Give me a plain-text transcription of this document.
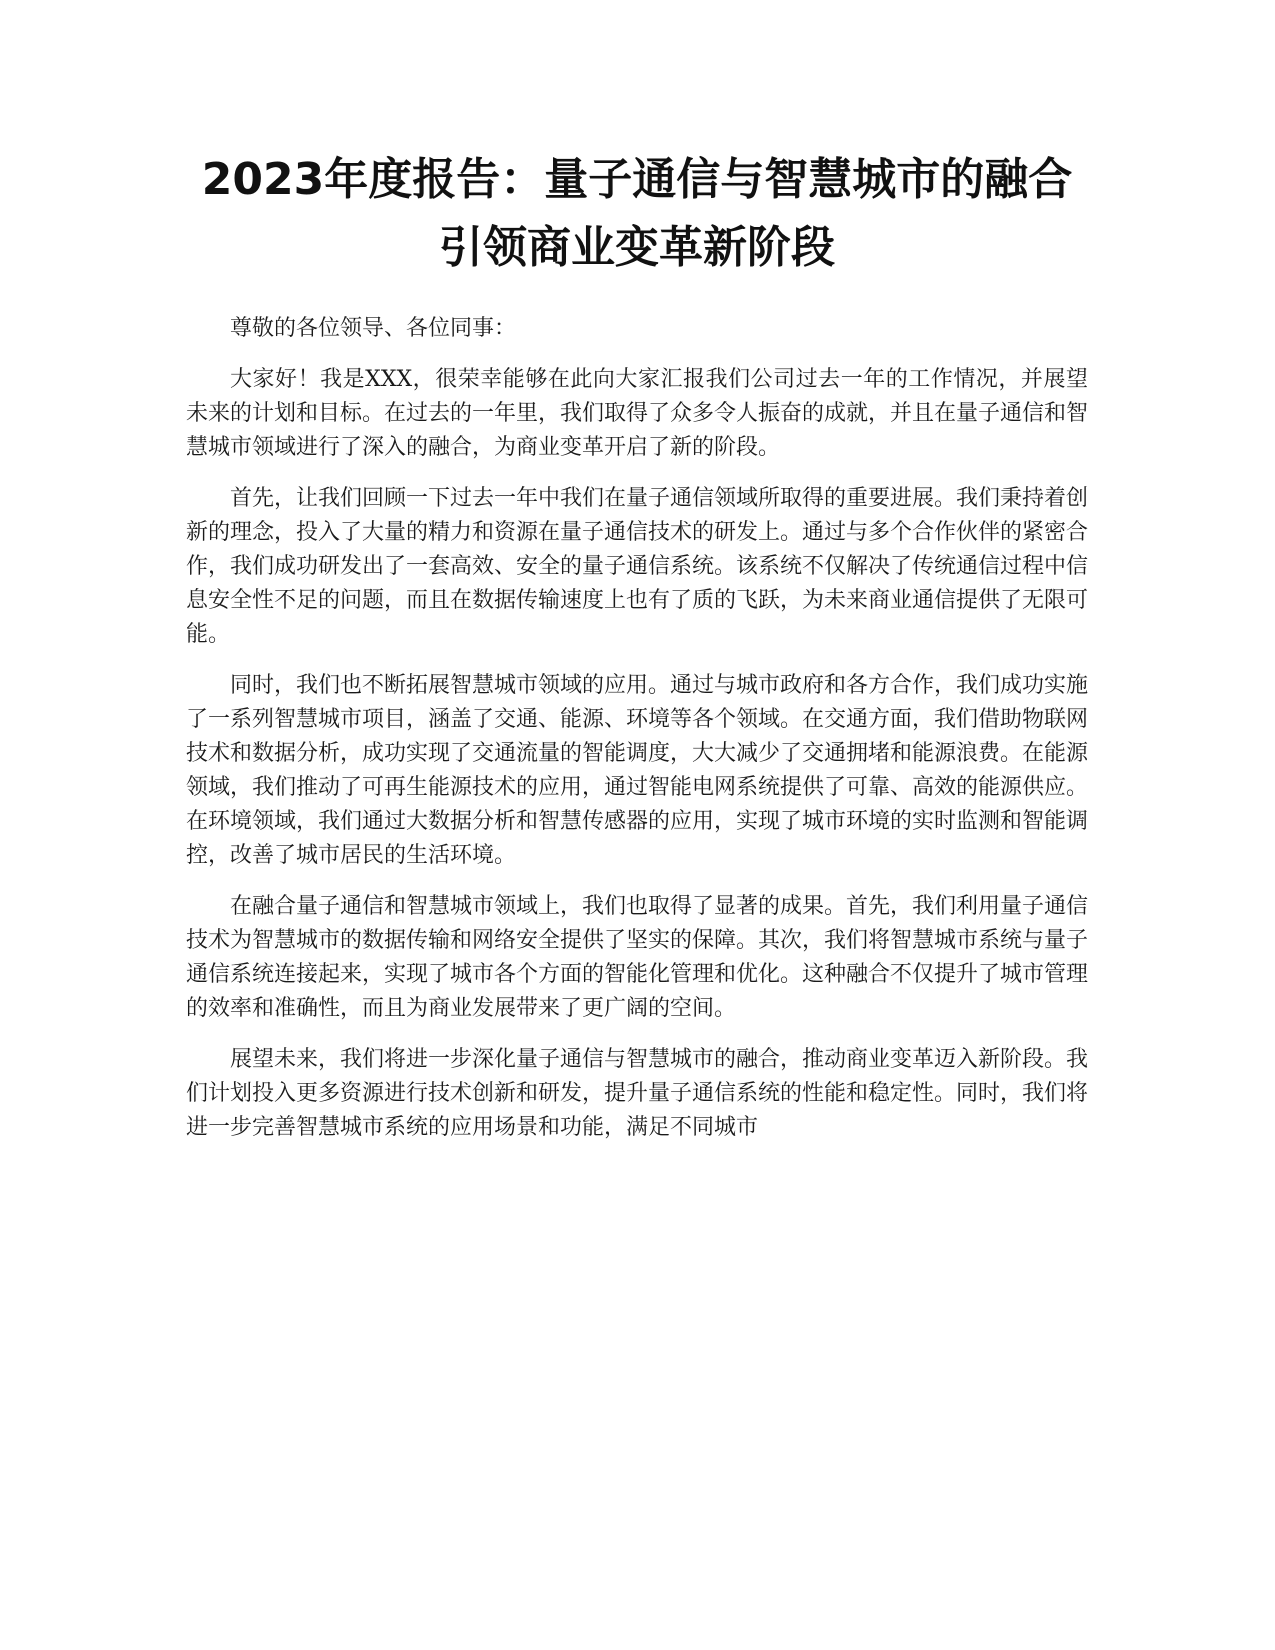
2023年度报告：量子通信与智慧城市的融合引领商业变革新阶段

尊敬的各位领导、各位同事：

大家好！我是XXX，很荣幸能够在此向大家汇报我们公司过去一年的工作情况，并展望未来的计划和目标。在过去的一年里，我们取得了众多令人振奋的成就，并且在量子通信和智慧城市领域进行了深入的融合，为商业变革开启了新的阶段。

首先，让我们回顾一下过去一年中我们在量子通信领域所取得的重要进展。我们秉持着创新的理念，投入了大量的精力和资源在量子通信技术的研发上。通过与多个合作伙伴的紧密合作，我们成功研发出了一套高效、安全的量子通信系统。该系统不仅解决了传统通信过程中信息安全性不足的问题，而且在数据传输速度上也有了质的飞跃，为未来商业通信提供了无限可能。

同时，我们也不断拓展智慧城市领域的应用。通过与城市政府和各方合作，我们成功实施了一系列智慧城市项目，涵盖了交通、能源、环境等各个领域。在交通方面，我们借助物联网技术和数据分析，成功实现了交通流量的智能调度，大大减少了交通拥堵和能源浪费。在能源领域，我们推动了可再生能源技术的应用，通过智能电网系统提供了可靠、高效的能源供应。在环境领域，我们通过大数据分析和智慧传感器的应用，实现了城市环境的实时监测和智能调控，改善了城市居民的生活环境。

在融合量子通信和智慧城市领域上，我们也取得了显著的成果。首先，我们利用量子通信技术为智慧城市的数据传输和网络安全提供了坚实的保障。其次，我们将智慧城市系统与量子通信系统连接起来，实现了城市各个方面的智能化管理和优化。这种融合不仅提升了城市管理的效率和准确性，而且为商业发展带来了更广阔的空间。

展望未来，我们将进一步深化量子通信与智慧城市的融合，推动商业变革迈入新阶段。我们计划投入更多资源进行技术创新和研发，提升量子通信系统的性能和稳定性。同时，我们将进一步完善智慧城市系统的应用场景和功能，满足不同城市
